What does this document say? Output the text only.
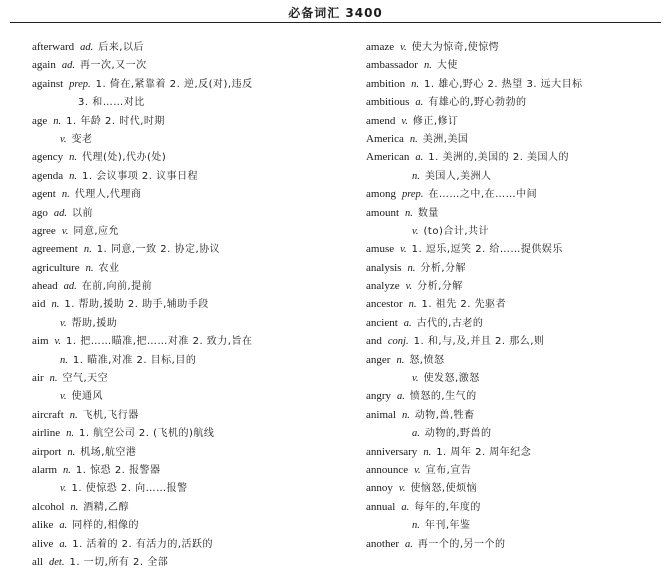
必备词汇 3400
afterward ad. 后来,以后
again ad. 再一次,又一次
against prep. 1. 倚在,紧靠着 2. 逆,反(对),违反
3. 和……对比
age n. 1. 年龄 2. 时代,时期
v. 变老
agency n. 代理(处),代办(处)
agenda n. 1. 会议事项 2. 议事日程
agent n. 代理人,代理商
ago ad. 以前
agree v. 同意,应允
agreement n. 1. 同意,一致 2. 协定,协议
agriculture n. 农业
ahead ad. 在前,向前,提前
aid n. 1. 帮助,援助 2. 助手,辅助手段
v. 帮助,援助
aim v. 1. 把……瞄准,把……对准 2. 致力,旨在
n. 1. 瞄准,对准 2. 目标,目的
air n. 空气,天空
v. 使通风
aircraft n. 飞机,飞行器
airline n. 1. 航空公司 2. (飞机的)航线
airport n. 机场,航空港
alarm n. 1. 惊恐 2. 报警器
v. 1. 使惊恐 2. 向……报警
alcohol n. 酒精,乙醇
alike a. 同样的,相像的
alive a. 1. 活着的 2. 有活力的,活跃的
all det. 1. 一切,所有 2. 全部
amaze v. 使大为惊奇,使惊愕
ambassador n. 大使
ambition n. 1. 雄心,野心 2. 热望 3. 远大目标
ambitious a. 有雄心的,野心勃勃的
amend v. 修正,修订
America n. 美洲,美国
American a. 1. 美洲的,美国的 2. 美国人的
n. 美国人,美洲人
among prep. 在……之中,在……中间
amount n. 数量
v. (to)合计,共计
amuse v. 1. 逗乐,逗笑 2. 给……提供娱乐
analysis n. 分析,分解
analyze v. 分析,分解
ancestor n. 1. 祖先 2. 先驱者
ancient a. 古代的,古老的
and conj. 1. 和,与,及,并且 2. 那么,则
anger n. 怒,愤怒
v. 使发怒,激怒
angry a. 愤怒的,生气的
animal n. 动物,兽,牲畜
a. 动物的,野兽的
anniversary n. 1. 周年 2. 周年纪念
announce v. 宣布,宣告
annoy v. 使恼怒,使烦恼
annual a. 每年的,年度的
n. 年刊,年鉴
another a. 再一个的,另一个的
